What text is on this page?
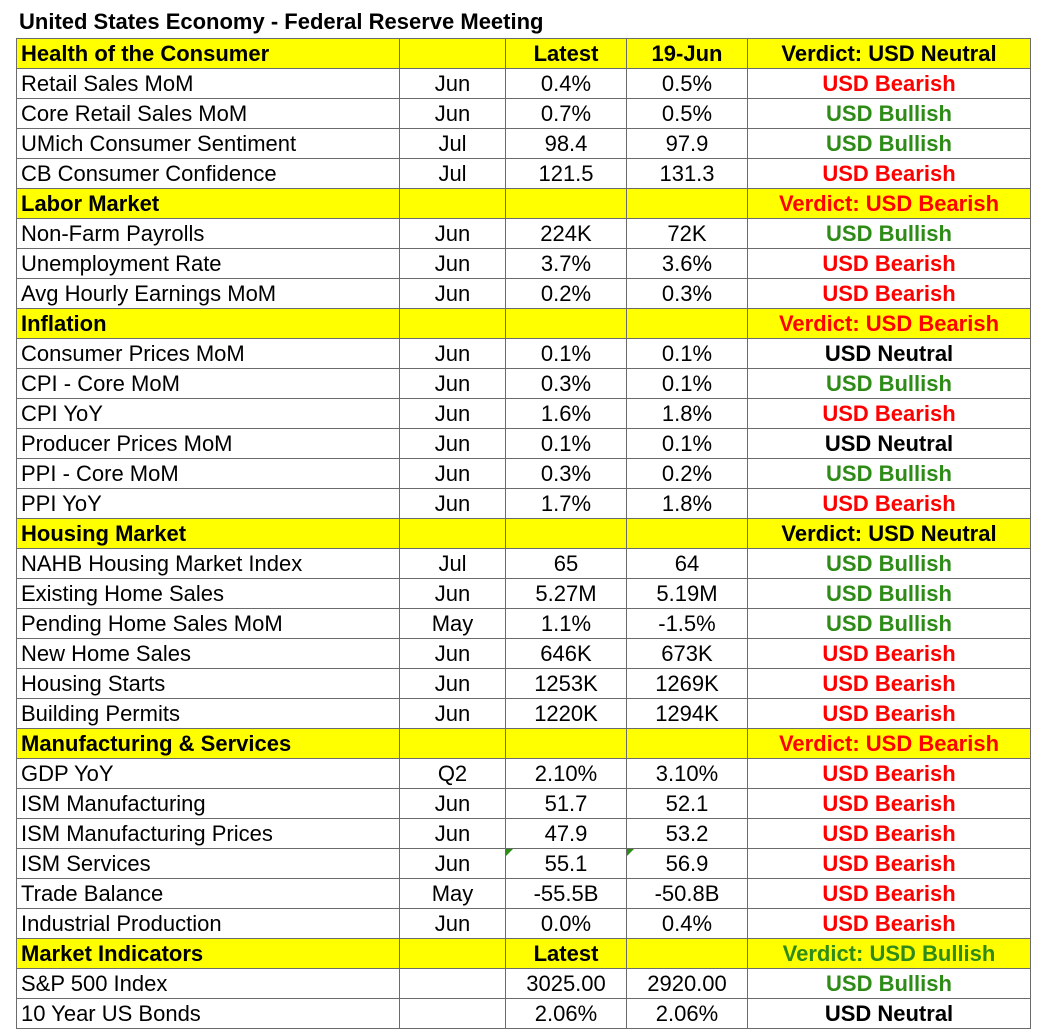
United States Economy - Federal Reserve Meeting
Health of the Consumer		Latest	19-Jun	Verdict: USD Neutral
Retail Sales MoM	Jun	0.4%	0.5%	USD Bearish
Core Retail Sales MoM	Jun	0.7%	0.5%	USD Bullish
UMich Consumer Sentiment	Jul	98.4	97.9	USD Bullish
CB Consumer Confidence	Jul	121.5	131.3	USD Bearish
Labor Market				Verdict: USD Bearish
Non-Farm Payrolls	Jun	224K	72K	USD Bullish
Unemployment Rate	Jun	3.7%	3.6%	USD Bearish
Avg Hourly Earnings MoM	Jun	0.2%	0.3%	USD Bearish
Inflation				Verdict: USD Bearish
Consumer Prices MoM	Jun	0.1%	0.1%	USD Neutral
CPI - Core MoM	Jun	0.3%	0.1%	USD Bullish
CPI YoY	Jun	1.6%	1.8%	USD Bearish
Producer Prices MoM	Jun	0.1%	0.1%	USD Neutral
PPI - Core MoM	Jun	0.3%	0.2%	USD Bullish
PPI YoY	Jun	1.7%	1.8%	USD Bearish
Housing Market				Verdict: USD Neutral
NAHB Housing Market Index	Jul	65	64	USD Bullish
Existing Home Sales	Jun	5.27M	5.19M	USD Bullish
Pending Home Sales MoM	May	1.1%	-1.5%	USD Bullish
New Home Sales	Jun	646K	673K	USD Bearish
Housing Starts	Jun	1253K	1269K	USD Bearish
Building Permits	Jun	1220K	1294K	USD Bearish
Manufacturing & Services				Verdict: USD Bearish
GDP YoY	Q2	2.10%	3.10%	USD Bearish
ISM Manufacturing	Jun	51.7	52.1	USD Bearish
ISM Manufacturing Prices	Jun	47.9	53.2	USD Bearish
ISM Services	Jun	55.1	56.9	USD Bearish
Trade Balance	May	-55.5B	-50.8B	USD Bearish
Industrial Production	Jun	0.0%	0.4%	USD Bearish
Market Indicators		Latest		Verdict: USD Bullish
S&P 500 Index		3025.00	2920.00	USD Bullish
10 Year US Bonds		2.06%	2.06%	USD Neutral
